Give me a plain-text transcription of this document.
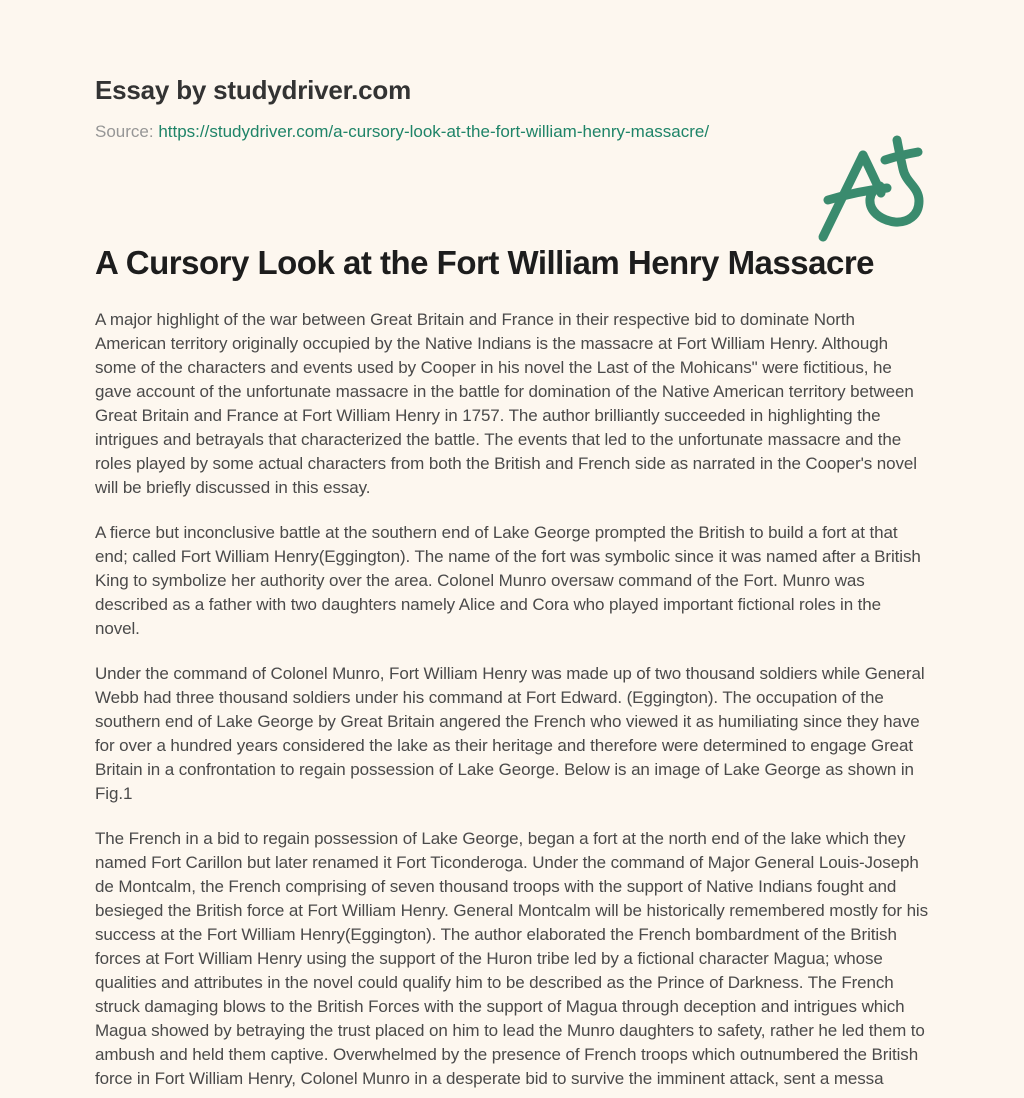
Essay by studydriver.com
Source: https://studydriver.com/a-cursory-look-at-the-fort-william-henry-massacre/
A Cursory Look at the Fort William Henry Massacre

A major highlight of the war between Great Britain and France in their respective bid to dominate North American territory originally occupied by the Native Indians is the massacre at Fort William Henry. Although some of the characters and events used by Cooper in his novel the Last of the Mohicans" were fictitious, he gave account of the unfortunate massacre in the battle for domination of the Native American territory between Great Britain and France at Fort William Henry in 1757. The author brilliantly succeeded in highlighting the intrigues and betrayals that characterized the battle. The events that led to the unfortunate massacre and the roles played by some actual characters from both the British and French side as narrated in the Cooper's novel will be briefly discussed in this essay.

A fierce but inconclusive battle at the southern end of Lake George prompted the British to build a fort at that end; called Fort William Henry(Eggington). The name of the fort was symbolic since it was named after a British King to symbolize her authority over the area. Colonel Munro oversaw command of the Fort. Munro was described as a father with two daughters namely Alice and Cora who played important fictional roles in the novel.

Under the command of Colonel Munro, Fort William Henry was made up of two thousand soldiers while General Webb had three thousand soldiers under his command at Fort Edward. (Eggington). The occupation of the southern end of Lake George by Great Britain angered the French who viewed it as humiliating since they have for over a hundred years considered the lake as their heritage and therefore were determined to engage Great Britain in a confrontation to regain possession of Lake George. Below is an image of Lake George as shown in Fig.1

The French in a bid to regain possession of Lake George, began a fort at the north end of the lake which they named Fort Carillon but later renamed it Fort Ticonderoga. Under the command of Major General Louis-Joseph de Montcalm, the French comprising of seven thousand troops with the support of Native Indians fought and besieged the British force at Fort William Henry. General Montcalm will be historically remembered mostly for his success at the Fort William Henry(Eggington). The author elaborated the French bombardment of the British forces at Fort William Henry using the support of the Huron tribe led by a fictional character Magua; whose qualities and attributes in the novel could qualify him to be described as the Prince of Darkness. The French struck damaging blows to the British Forces with the support of Magua through deception and intrigues which Magua showed by betraying the trust placed on him to lead the Munro daughters to safety, rather he led them to ambush and held them captive. Overwhelmed by the presence of French troops which outnumbered the British force in Fort William Henry, Colonel Munro in a desperate bid to survive the imminent attack, sent a messa
